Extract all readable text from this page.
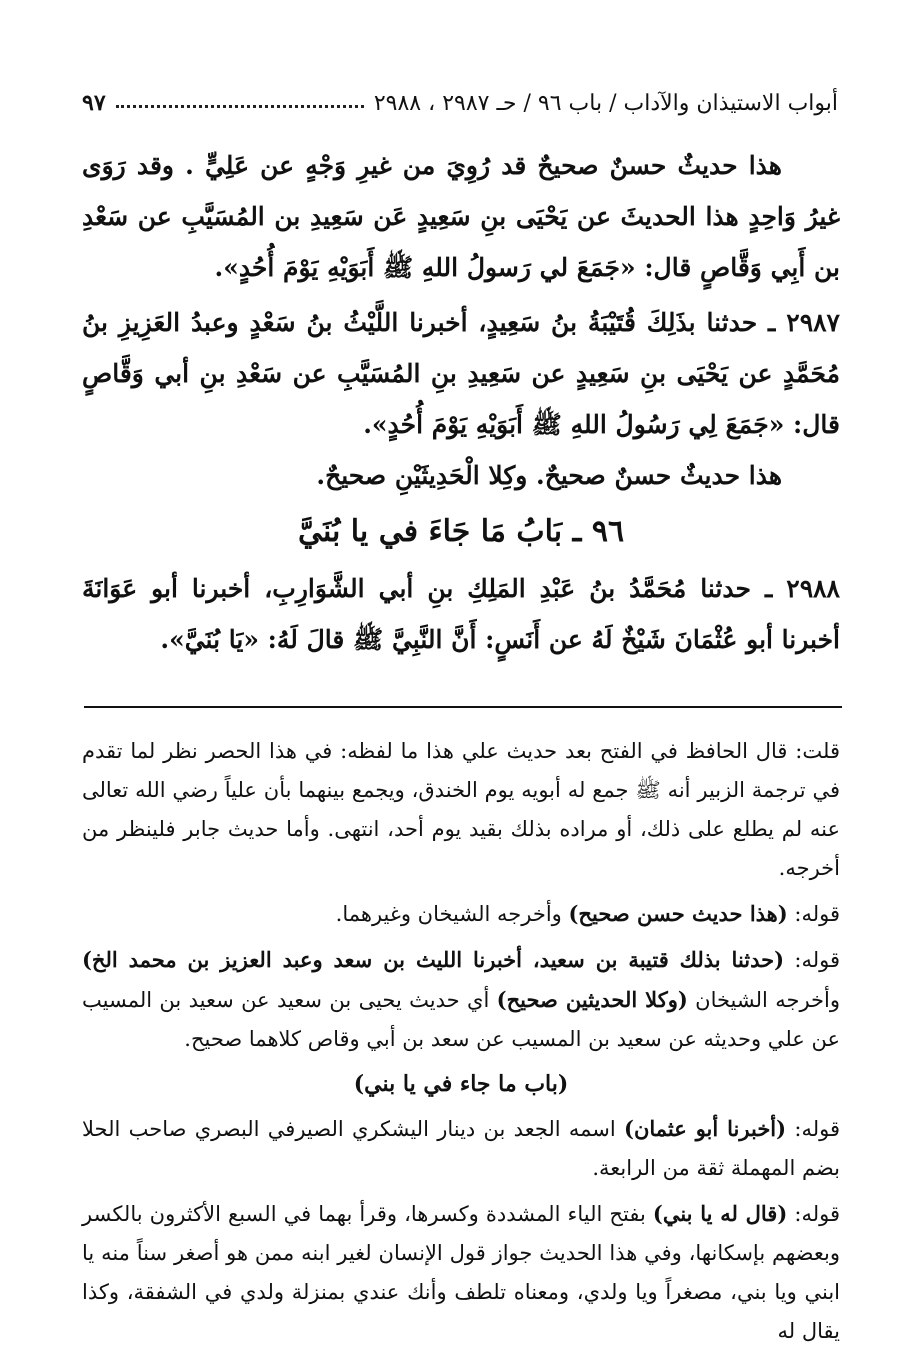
أبواب الاستيذان والآداب / باب ٩٦ / حـ ٢٩٨٧ ، ٢٩٨٨
٩٧

هذا حديثٌ حسنٌ صحيحٌ قد رُوِيَ من غيرِ وَجْهٍ عن عَلِيٍّ . وقد رَوَى غيرُ وَاحِدٍ هذا الحديثَ عن يَحْيَى بنِ سَعِيدٍ عَن سَعِيدِ بن المُسَيَّبِ عن سَعْدِ بن أَبِي وَقَّاصٍ قال: «جَمَعَ لي رَسولُ اللهِ ﷺ أَبَوَيْهِ يَوْمَ أُحُدٍ».

٢٩٨٧ ـ حدثنا بذَلِكَ قُتَيْبَةُ بنُ سَعِيدٍ، أخبرنا اللَّيْثُ بنُ سَعْدٍ وعبدُ العَزِيزِ بنُ مُحَمَّدٍ عن يَحْيَى بنِ سَعِيدٍ عن سَعِيدِ بنِ المُسَيَّبِ عن سَعْدِ بنِ أبي وَقَّاصٍ قال: «جَمَعَ لِي رَسُولُ اللهِ ﷺ أَبَوَيْهِ يَوْمَ أُحُدٍ».

هذا حديثٌ حسنٌ صحيحٌ. وكِلا الْحَدِيثَيْنِ صحيحٌ.

٩٦ ـ بَابُ مَا جَاءَ في يا بُنَيَّ

٢٩٨٨ ـ حدثنا مُحَمَّدُ بنُ عَبْدِ المَلِكِ بنِ أبي الشَّوَارِبِ، أخبرنا أبو عَوَانَةَ أخبرنا أبو عُثْمَانَ شَيْخٌ لَهُ عن أَنَسٍ: أَنَّ النَّبِيَّ ﷺ قالَ لَهُ: «يَا بُنَيَّ».

قلت: قال الحافظ في الفتح بعد حديث علي هذا ما لفظه: في هذا الحصر نظر لما تقدم في ترجمة الزبير أنه ﷺ جمع له أبويه يوم الخندق، ويجمع بينهما بأن علياً رضي الله تعالى عنه لم يطلع على ذلك، أو مراده بذلك بقيد يوم أحد، انتهى. وأما حديث جابر فلينظر من أخرجه.

قوله: (هذا حديث حسن صحيح) وأخرجه الشيخان وغيرهما.

قوله: (حدثنا بذلك قتيبة بن سعيد، أخبرنا الليث بن سعد وعبد العزيز بن محمد الخ) وأخرجه الشيخان (وكلا الحديثين صحيح) أي حديث يحيى بن سعيد عن سعيد بن المسيب عن علي وحديثه عن سعيد بن المسيب عن سعد بن أبي وقاص كلاهما صحيح.

(باب ما جاء في يا بني)

قوله: (أخبرنا أبو عثمان) اسمه الجعد بن دينار اليشكري الصيرفي البصري صاحب الحلا بضم المهملة ثقة من الرابعة.

قوله: (قال له يا بني) بفتح الياء المشددة وكسرها، وقرأ بهما في السبع الأكثرون بالكسر وبعضهم بإسكانها، وفي هذا الحديث جواز قول الإنسان لغير ابنه ممن هو أصغر سناً منه يا ابني ويا بني، مصغراً ويا ولدي، ومعناه تلطف وأنك عندي بمنزلة ولدي في الشفقة، وكذا يقال له
